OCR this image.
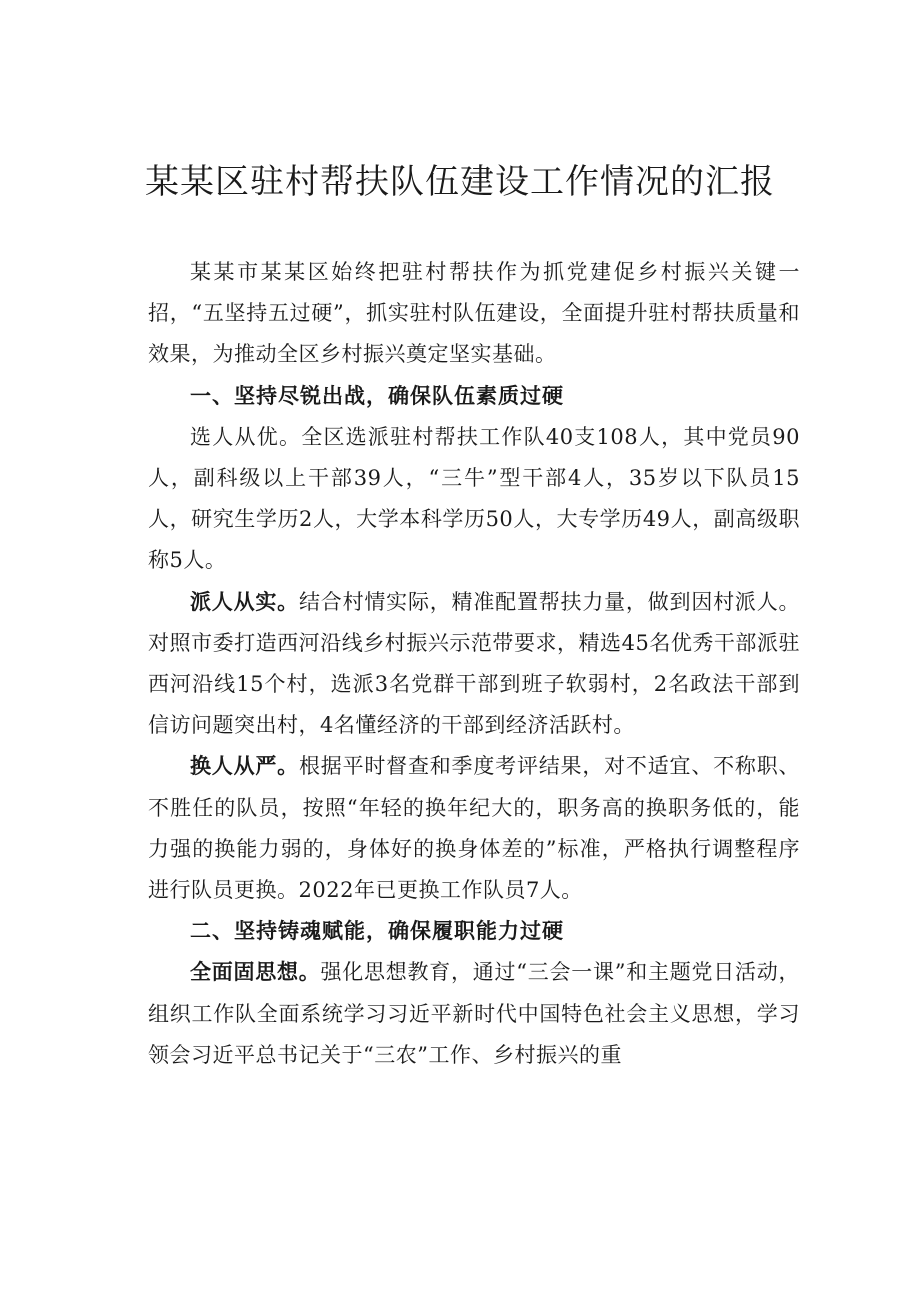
某某区驻村帮扶队伍建设工作情况的汇报

某某市某某区始终把驻村帮扶作为抓党建促乡村振兴关键一招，“五坚持五过硬”，抓实驻村队伍建设，全面提升驻村帮扶质量和效果，为推动全区乡村振兴奠定坚实基础。

一、坚持尽锐出战，确保队伍素质过硬

选人从优。全区选派驻村帮扶工作队40支108人，其中党员90人，副科级以上干部39人，“三牛”型干部4人，35岁以下队员15人，研究生学历2人，大学本科学历50人，大专学历49人，副高级职称5人。

派人从实。结合村情实际，精准配置帮扶力量，做到因村派人。对照市委打造西河沿线乡村振兴示范带要求，精选45名优秀干部派驻西河沿线15个村，选派3名党群干部到班子软弱村，2名政法干部到信访问题突出村，4名懂经济的干部到经济活跃村。

换人从严。根据平时督查和季度考评结果，对不适宜、不称职、不胜任的队员，按照“年轻的换年纪大的，职务高的换职务低的，能力强的换能力弱的，身体好的换身体差的”标准，严格执行调整程序进行队员更换。2022年已更换工作队员7人。

二、坚持铸魂赋能，确保履职能力过硬

全面固思想。强化思想教育，通过“三会一课”和主题党日活动，组织工作队全面系统学习习近平新时代中国特色社会主义思想，学习领会习近平总书记关于“三农”工作、乡村振兴的重
